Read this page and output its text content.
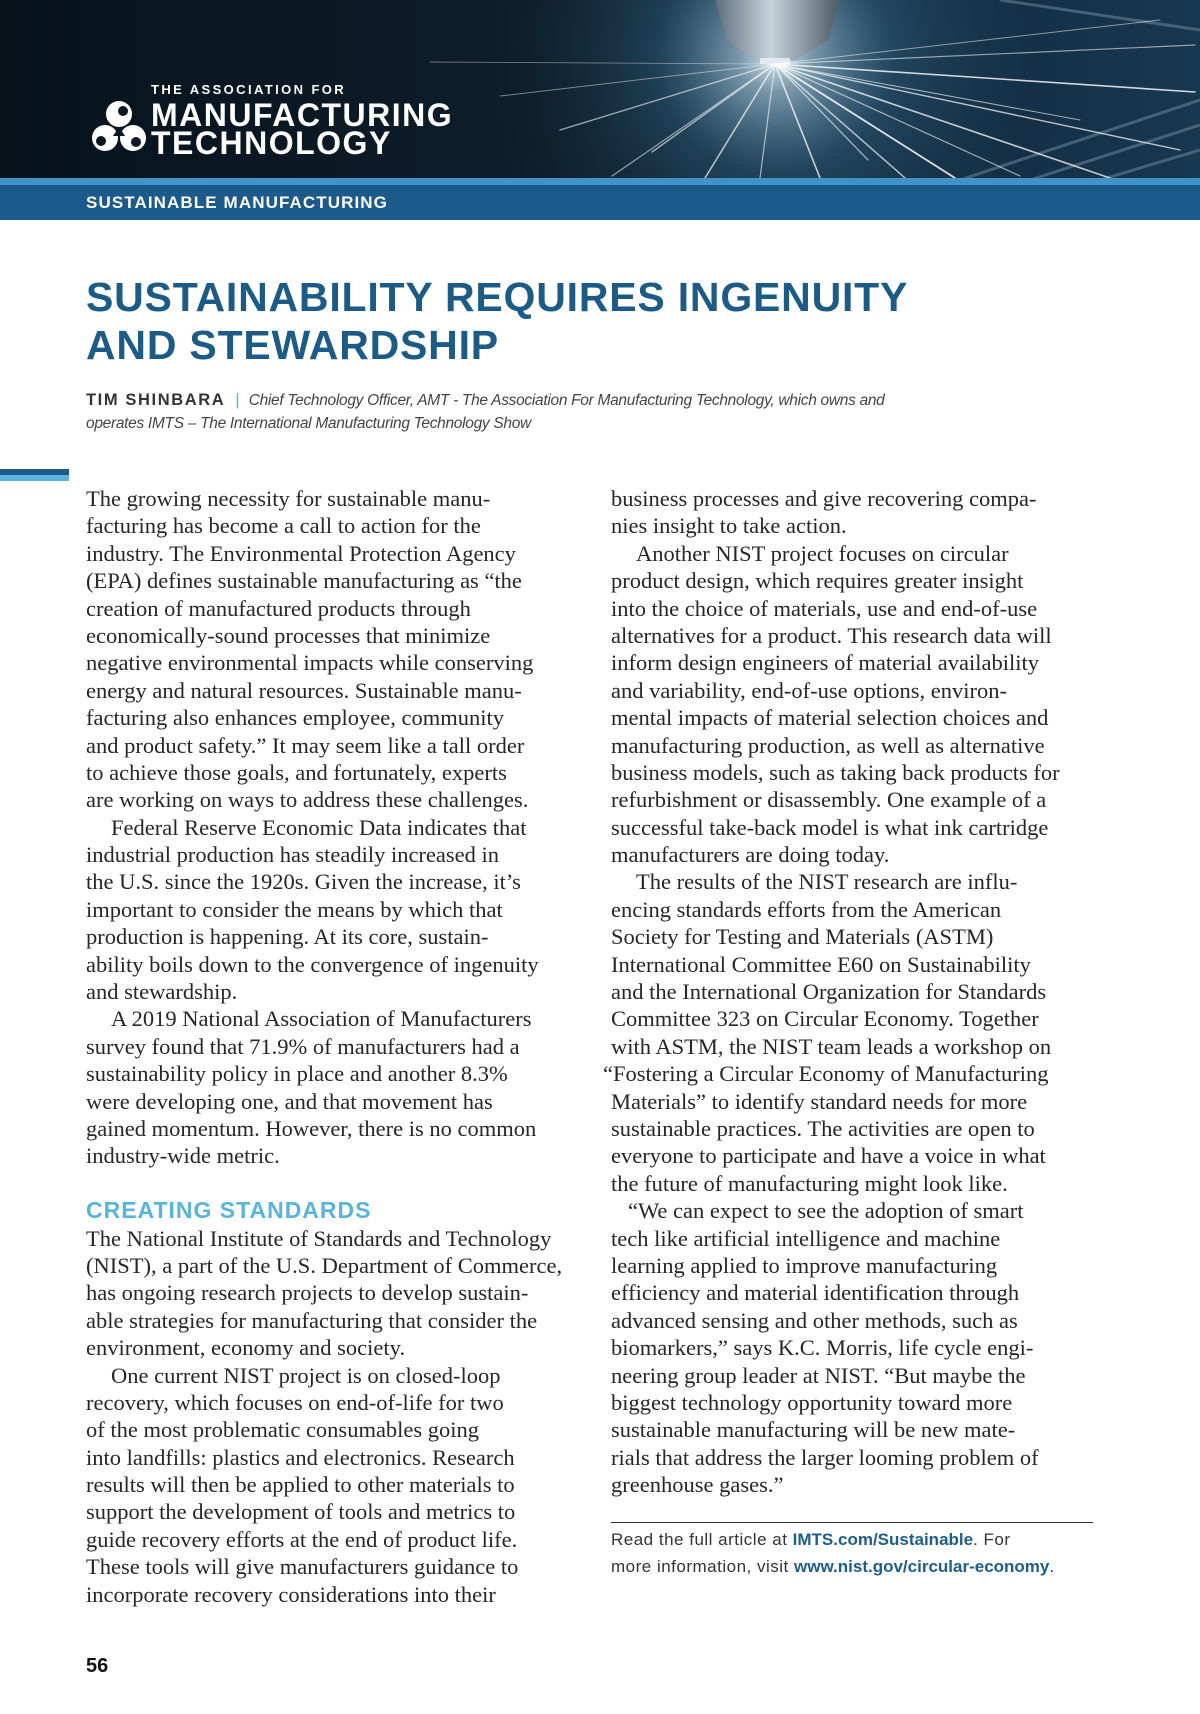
THE ASSOCIATION FOR
MANUFACTURING
TECHNOLOGY
SUSTAINABLE MANUFACTURING
SUSTAINABILITY REQUIRES INGENUITY
AND STEWARDSHIP
TIM SHINBARA | Chief Technology Officer, AMT - The Association For Manufacturing Technology, which owns and
operates IMTS – The International Manufacturing Technology Show
The growing necessity for sustainable manu-
facturing has become a call to action for the
industry. The Environmental Protection Agency
(EPA) defines sustainable manufacturing as “the
creation of manufactured products through
economically-sound processes that minimize
negative environmental impacts while conserving
energy and natural resources. Sustainable manu-
facturing also enhances employee, community
and product safety.” It may seem like a tall order
to achieve those goals, and fortunately, experts
are working on ways to address these challenges.
Federal Reserve Economic Data indicates that
industrial production has steadily increased in
the U.S. since the 1920s. Given the increase, it’s
important to consider the means by which that
production is happening. At its core, sustain-
ability boils down to the convergence of ingenuity
and stewardship.
A 2019 National Association of Manufacturers
survey found that 71.9% of manufacturers had a
sustainability policy in place and another 8.3%
were developing one, and that movement has
gained momentum. However, there is no common
industry-wide metric.
CREATING STANDARDS
The National Institute of Standards and Technology
(NIST), a part of the U.S. Department of Commerce,
has ongoing research projects to develop sustain-
able strategies for manufacturing that consider the
environment, economy and society.
One current NIST project is on closed-loop
recovery, which focuses on end-of-life for two
of the most problematic consumables going
into landfills: plastics and electronics. Research
results will then be applied to other materials to
support the development of tools and metrics to
guide recovery efforts at the end of product life.
These tools will give manufacturers guidance to
incorporate recovery considerations into their
business processes and give recovering compa-
nies insight to take action.
Another NIST project focuses on circular
product design, which requires greater insight
into the choice of materials, use and end-of-use
alternatives for a product. This research data will
inform design engineers of material availability
and variability, end-of-use options, environ-
mental impacts of material selection choices and
manufacturing production, as well as alternative
business models, such as taking back products for
refurbishment or disassembly. One example of a
successful take-back model is what ink cartridge
manufacturers are doing today.
The results of the NIST research are influ-
encing standards efforts from the American
Society for Testing and Materials (ASTM)
International Committee E60 on Sustainability
and the International Organization for Standards
Committee 323 on Circular Economy. Together
with ASTM, the NIST team leads a workshop on
“Fostering a Circular Economy of Manufacturing
Materials” to identify standard needs for more
sustainable practices. The activities are open to
everyone to participate and have a voice in what
the future of manufacturing might look like.
“We can expect to see the adoption of smart
tech like artificial intelligence and machine
learning applied to improve manufacturing
efficiency and material identification through
advanced sensing and other methods, such as
biomarkers,” says K.C. Morris, life cycle engi-
neering group leader at NIST. “But maybe the
biggest technology opportunity toward more
sustainable manufacturing will be new mate-
rials that address the larger looming problem of
greenhouse gases.”
Read the full article at IMTS.com/Sustainable. For
more information, visit www.nist.gov/circular-economy.
56
